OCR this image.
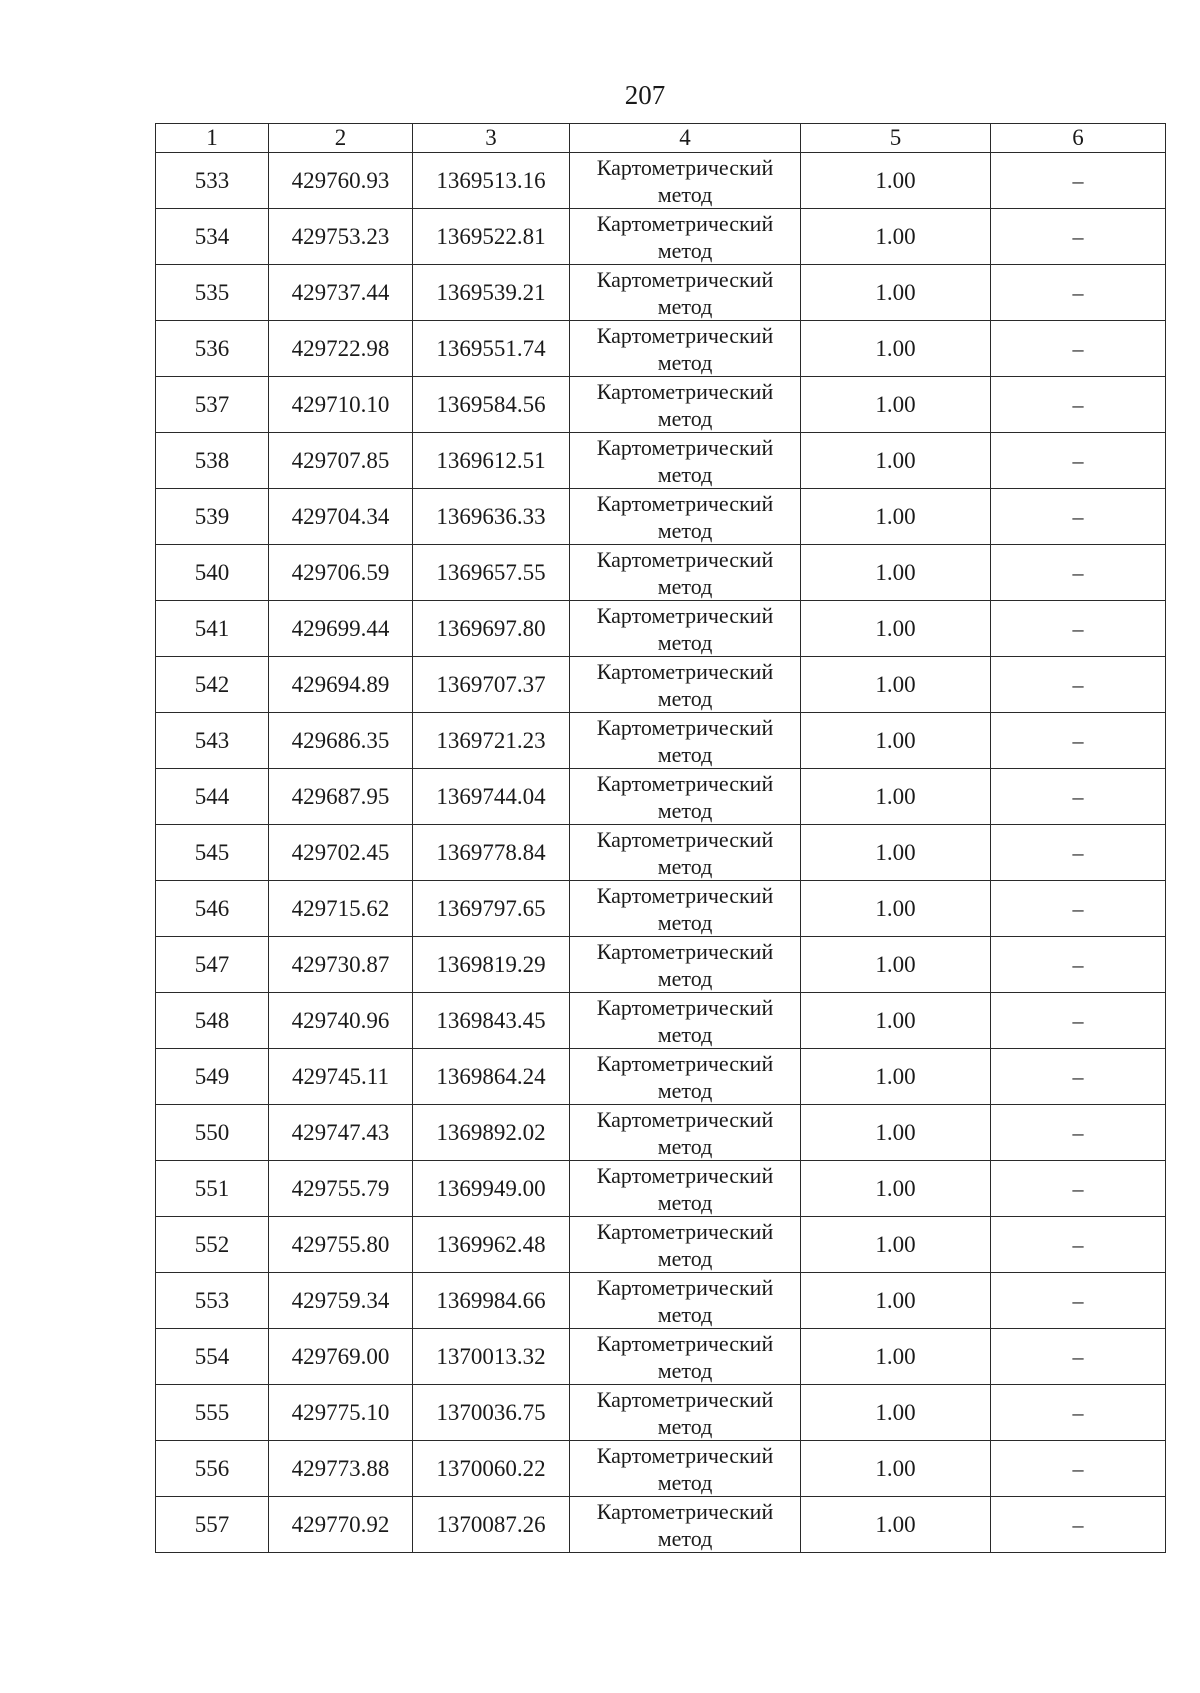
207
1	2	3	4	5	6
533	429760.93	1369513.16	Картометрический метод	1.00	–
534	429753.23	1369522.81	Картометрический метод	1.00	–
535	429737.44	1369539.21	Картометрический метод	1.00	–
536	429722.98	1369551.74	Картометрический метод	1.00	–
537	429710.10	1369584.56	Картометрический метод	1.00	–
538	429707.85	1369612.51	Картометрический метод	1.00	–
539	429704.34	1369636.33	Картометрический метод	1.00	–
540	429706.59	1369657.55	Картометрический метод	1.00	–
541	429699.44	1369697.80	Картометрический метод	1.00	–
542	429694.89	1369707.37	Картометрический метод	1.00	–
543	429686.35	1369721.23	Картометрический метод	1.00	–
544	429687.95	1369744.04	Картометрический метод	1.00	–
545	429702.45	1369778.84	Картометрический метод	1.00	–
546	429715.62	1369797.65	Картометрический метод	1.00	–
547	429730.87	1369819.29	Картометрический метод	1.00	–
548	429740.96	1369843.45	Картометрический метод	1.00	–
549	429745.11	1369864.24	Картометрический метод	1.00	–
550	429747.43	1369892.02	Картометрический метод	1.00	–
551	429755.79	1369949.00	Картометрический метод	1.00	–
552	429755.80	1369962.48	Картометрический метод	1.00	–
553	429759.34	1369984.66	Картометрический метод	1.00	–
554	429769.00	1370013.32	Картометрический метод	1.00	–
555	429775.10	1370036.75	Картометрический метод	1.00	–
556	429773.88	1370060.22	Картометрический метод	1.00	–
557	429770.92	1370087.26	Картометрический метод	1.00	–
